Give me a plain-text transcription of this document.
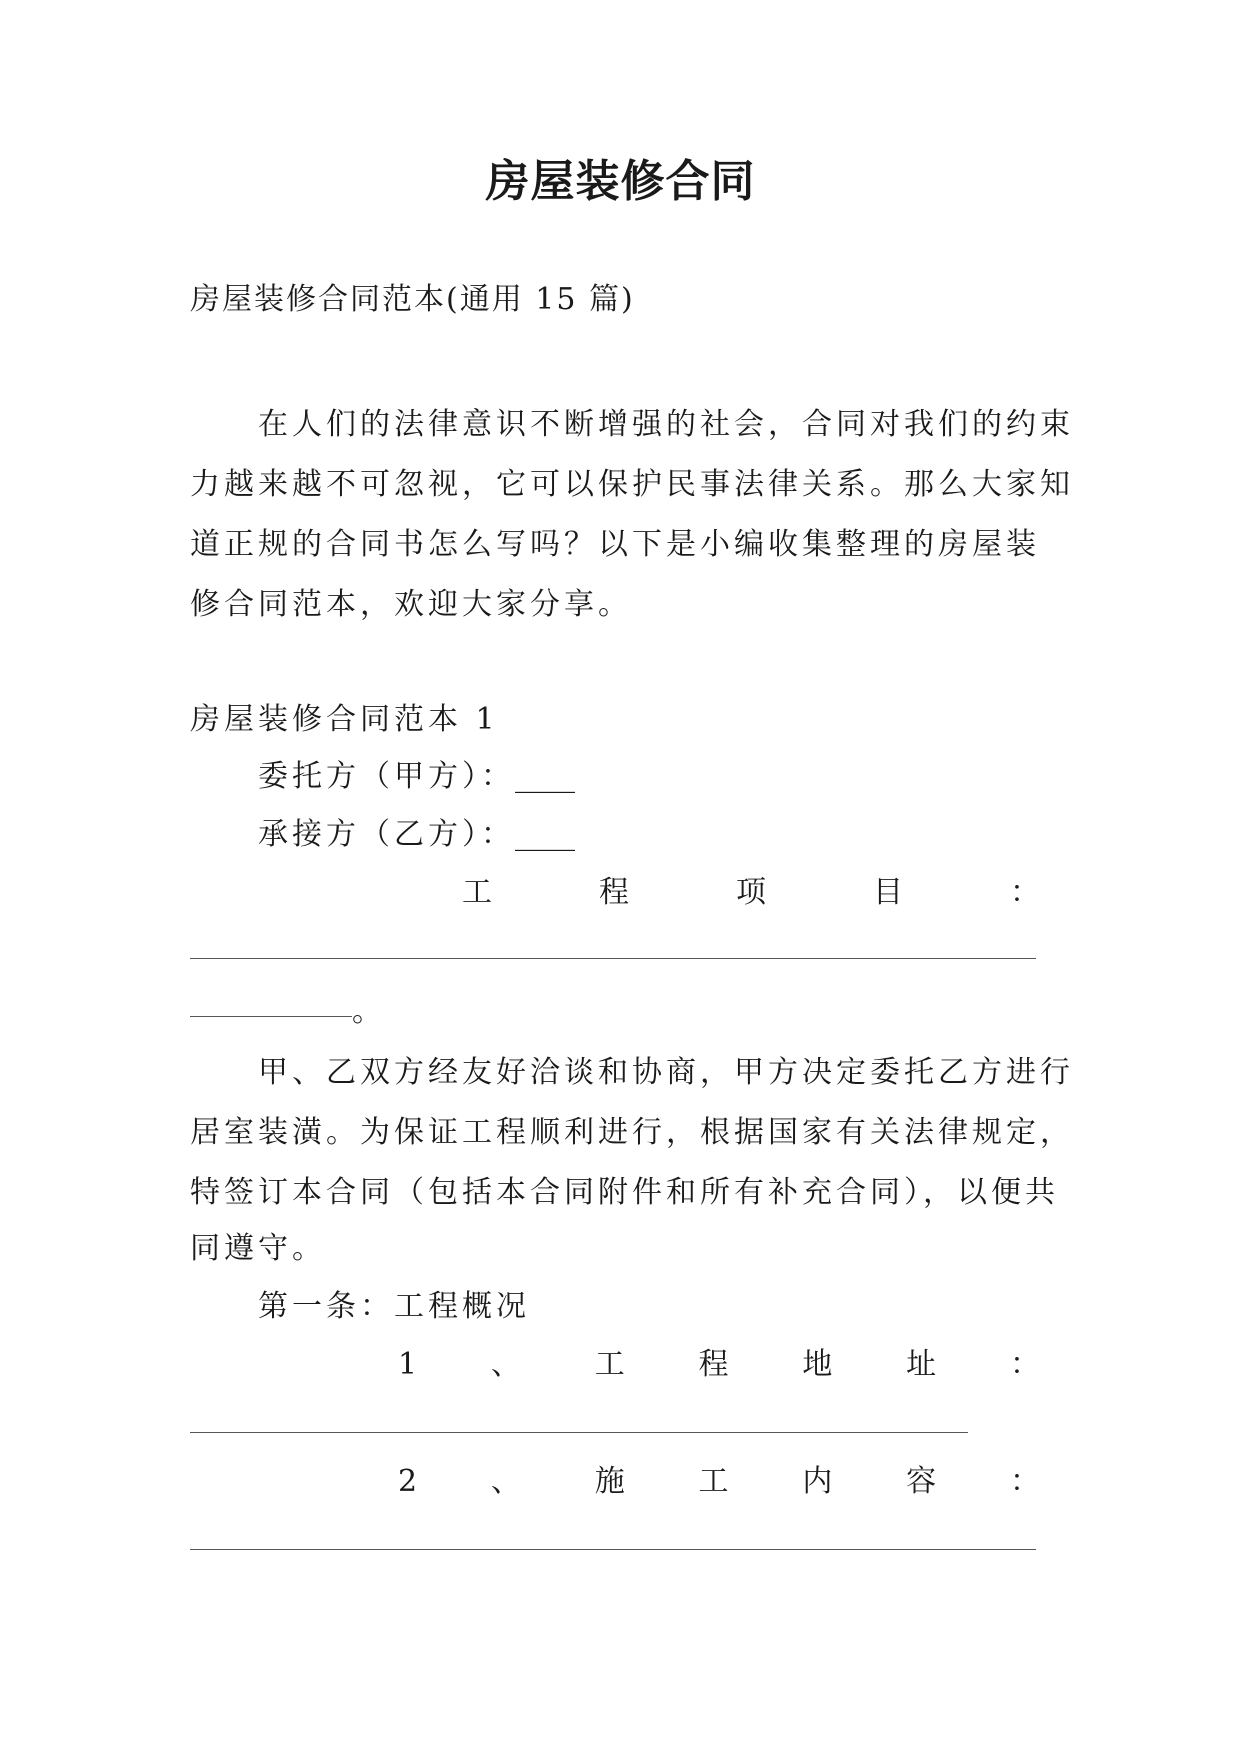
房屋装修合同
房屋装修合同范本(通用 15 篇)
在人们的法律意识不断增强的社会，合同对我们的约束
力越来越不可忽视，它可以保护民事法律关系。那么大家知
道正规的合同书怎么写吗？以下是小编收集整理的房屋装
修合同范本，欢迎大家分享。
房屋装修合同范本 1
委托方（甲方）：____
承接方（乙方）：____
工	程	项	目	：
。
甲、乙双方经友好洽谈和协商，甲方决定委托乙方进行
居室装潢。为保证工程顺利进行，根据国家有关法律规定，
特签订本合同（包括本合同附件和所有补充合同），以便共
同遵守。
第一条：工程概况
1 、 工 程 地 址 ：
2 、 施 工 内 容 ：
